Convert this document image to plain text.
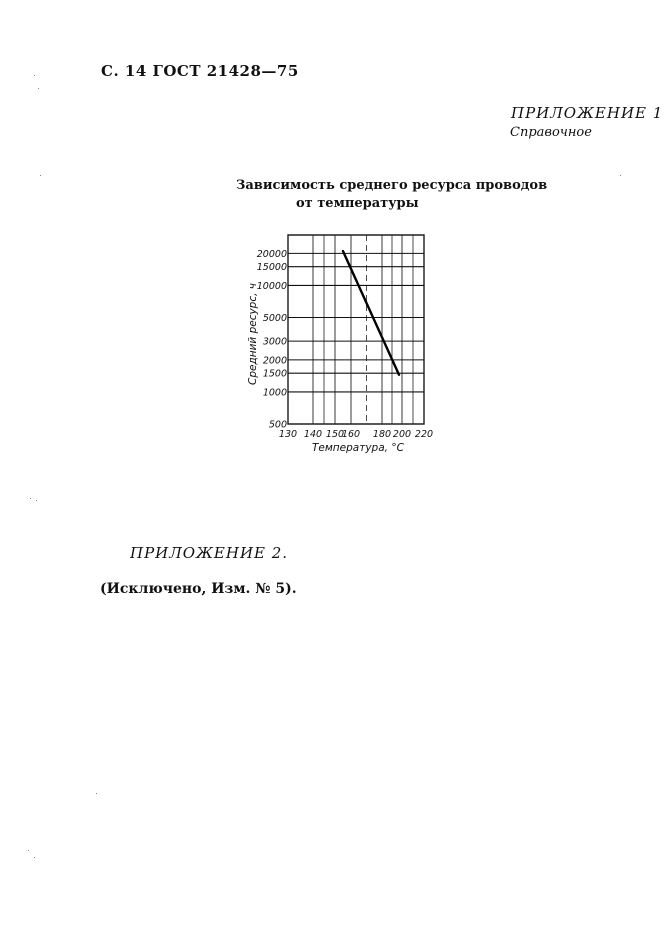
С. 14 ГОСТ 21428—75
ПРИЛОЖЕНИЕ 1
Справочное
Зависимость среднего ресурса проводов
от температуры
130 140 150
160 180 200 220
500
1000
1500
2000
3000
5000
10000
15000
20000
Температура, °С
Средний ресурс, ч
ПРИЛОЖЕНИЕ 2.
(Исключено, Изм. № 5).
